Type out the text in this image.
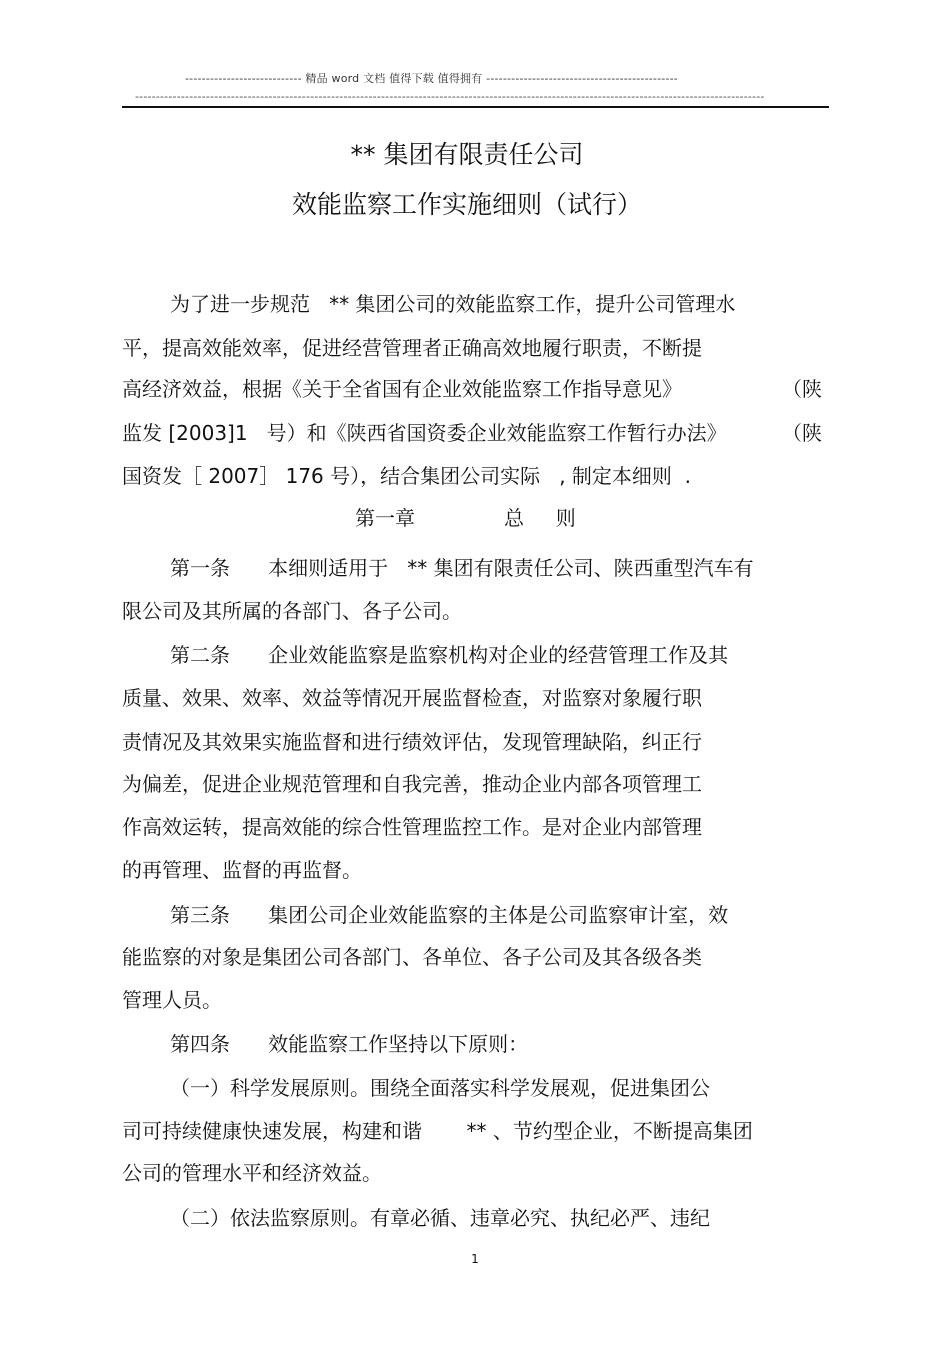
---------------------------- 精品 word 文档 值得下载 值得拥有 ----------------------------------------------
-------------------------------------------------------------------------------------------------------------------------------------------------------
** 集团有限责任公司
效能监察工作实施细则（试行）
为了进一步规范   ** 集团公司的效能监察工作，提升公司管理水
平，提高效能效率，促进经营管理者正确高效地履行职责，不断提
高经济效益，根据《关于全省国有企业效能监察工作指导意见》	（陕
监发 [2003]1   号）和《陕西省国资委企业效能监察工作暂行办法》	（陕
国资发［ 2007］ 176 号），结合集团公司实际   , 制定本细则  .
第一章              总     则
第一条      本细则适用于   ** 集团有限责任公司、陕西重型汽车有
限公司及其所属的各部门、各子公司。
第二条      企业效能监察是监察机构对企业的经营管理工作及其
质量、效果、效率、效益等情况开展监督检查，对监察对象履行职
责情况及其效果实施监督和进行绩效评估，发现管理缺陷，纠正行
为偏差，促进企业规范管理和自我完善，推动企业内部各项管理工
作高效运转，提高效能的综合性管理监控工作。是对企业内部管理
的再管理、监督的再监督。
第三条      集团公司企业效能监察的主体是公司监察审计室，效
能监察的对象是集团公司各部门、各单位、各子公司及其各级各类
管理人员。
第四条      效能监察工作坚持以下原则：
（一）科学发展原则。围绕全面落实科学发展观，促进集团公
司可持续健康快速发展，构建和谐       ** 、节约型企业，不断提高集团
公司的管理水平和经济效益。
（二）依法监察原则。有章必循、违章必究、执纪必严、违纪
1
